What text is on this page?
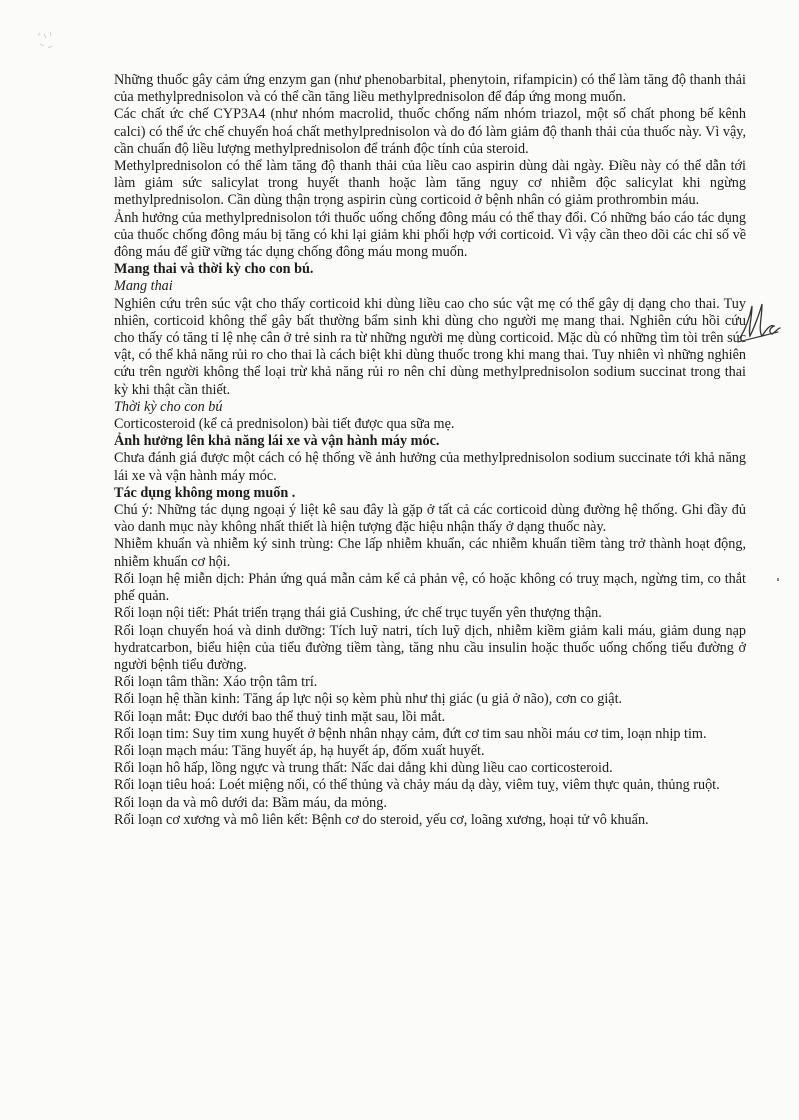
Những thuốc gây cảm ứng enzym gan (như phenobarbital, phenytoin, rifampicin) có thể làm tăng độ thanh thải của methylprednisolon và có thể cần tăng liều methylprednisolon để đáp ứng mong muốn.

Các chất ức chế CYP3A4 (như nhóm macrolid, thuốc chống nấm nhóm triazol, một số chất phong bế kênh calci) có thể ức chế chuyển hoá chất methylprednisolon và do đó làm giảm độ thanh thải của thuốc này. Vì vậy, cần chuẩn độ liều lượng methylprednisolon để tránh độc tính của steroid.

Methylprednisolon có thể làm tăng độ thanh thải của liều cao aspirin dùng dài ngày. Điều này có thể dẫn tới làm giảm sức salicylat trong huyết thanh hoặc làm tăng nguy cơ nhiễm độc salicylat khi ngừng methylprednisolon. Cần dùng thận trọng aspirin cùng corticoid ở bệnh nhân có giảm prothrombin máu.

Ảnh hưởng của methylprednisolon tới thuốc uống chống đông máu có thể thay đổi. Có những báo cáo tác dụng của thuốc chống đông máu bị tăng có khi lại giảm khi phối hợp với corticoid. Vì vậy cần theo dõi các chỉ số về đông máu để giữ vững tác dụng chống đông máu mong muốn.

Mang thai và thời kỳ cho con bú.

Mang thai

Nghiên cứu trên súc vật cho thấy corticoid khi dùng liều cao cho súc vật mẹ có thể gây dị dạng cho thai. Tuy nhiên, corticoid không thể gây bất thường bẩm sinh khi dùng cho người mẹ mang thai. Nghiên cứu hồi cứu cho thấy có tăng tỉ lệ nhẹ cân ở trẻ sinh ra từ những người mẹ dùng corticoid. Mặc dù có những tìm tòi trên súc vật, có thể khả năng rủi ro cho thai là cách biệt khi dùng thuốc trong khi mang thai. Tuy nhiên vì những nghiên cứu trên người không thể loại trừ khả năng rủi ro nên chỉ dùng methylprednisolon sodium succinat trong thai kỳ khi thật cần thiết.

Thời kỳ cho con bú

Corticosteroid (kể cả prednisolon) bài tiết được qua sữa mẹ.

Ảnh hưởng lên khả năng lái xe và vận hành máy móc.

Chưa đánh giá được một cách có hệ thống về ảnh hưởng của methylprednisolon sodium succinate tới khả năng lái xe và vận hành máy móc.

Tác dụng không mong muốn .

Chú ý: Những tác dụng ngoại ý liệt kê sau đây là gặp ở tất cả các corticoid dùng đường hệ thống. Ghi đầy đủ vào danh mục này không nhất thiết là hiện tượng đặc hiệu nhận thấy ở dạng thuốc này.

Nhiễm khuẩn và nhiễm ký sinh trùng: Che lấp nhiễm khuẩn, các nhiễm khuẩn tiềm tàng trở thành hoạt động, nhiễm khuẩn cơ hội.

Rối loạn hệ miễn dịch: Phản ứng quá mẫn cảm kể cả phản vệ, có hoặc không có truỵ mạch, ngừng tim, co thắt phế quản.

Rối loạn nội tiết: Phát triển trạng thái giả Cushing, ức chế trục tuyến yên thượng thận.

Rối loạn chuyển hoá và dinh dưỡng: Tích luỹ natri, tích luỹ dịch, nhiễm kiềm giảm kali máu, giảm dung nạp hydratcarbon, biểu hiện của tiểu đường tiềm tàng, tăng nhu cầu insulin hoặc thuốc uống chống tiểu đường ở người bệnh tiểu đường.

Rối loạn tâm thần: Xáo trộn tâm trí.

Rối loạn hệ thần kinh: Tăng áp lực nội sọ kèm phù như thị giác (u giả ở não), cơn co giật.

Rối loạn mắt: Đục dưới bao thể thuỷ tinh mặt sau, lồi mắt.

Rối loạn tim: Suy tim xung huyết ở bệnh nhân nhạy cảm, đứt cơ tim sau nhồi máu cơ tim, loạn nhịp tim.

Rối loạn mạch máu: Tăng huyết áp, hạ huyết áp, đốm xuất huyết.

Rối loạn hô hấp, lồng ngực và trung thất: Nấc dai dẳng khi dùng liều cao corticosteroid.

Rối loạn tiêu hoá: Loét miệng nối, có thể thủng và chảy máu dạ dày, viêm tuỵ, viêm thực quản, thủng ruột.

Rối loạn da và mô dưới da: Bầm máu, da mỏng.

Rối loạn cơ xương và mô liên kết: Bệnh cơ do steroid, yếu cơ, loãng xương, hoại tử vô khuẩn.
